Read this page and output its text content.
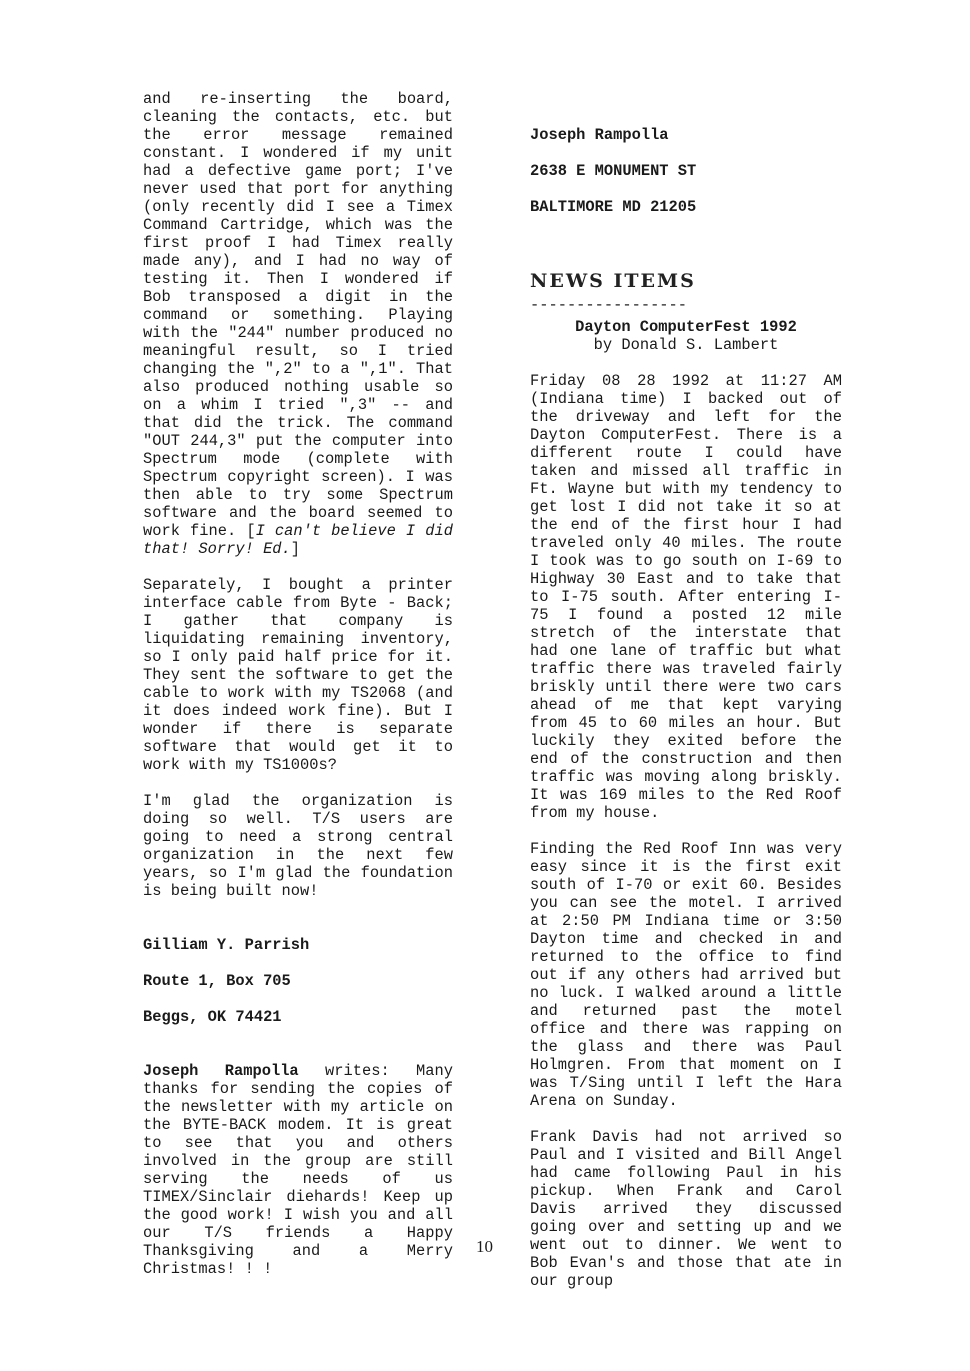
and re-inserting the board, cleaning the contacts, etc. but the error message remained constant. I wondered if my unit had a defective game port; I've never used that port for anything (only recently did I see a Timex Command Cartridge, which was the first proof I had Timex really made any), and I had no way of testing it. Then I wondered if Bob transposed a digit in the command or something. Playing with the "244" number produced no meaningful result, so I tried changing the ",2" to a ",1". That also produced nothing usable so on a whim I tried ",3" -- and that did the trick. The command "OUT 244,3" put the computer into Spectrum mode (complete with Spectrum copyright screen). I was then able to try some Spectrum software and the board seemed to work fine. [I can't believe I did that! Sorry! Ed.]

Separately, I bought a printer interface cable from Byte - Back; I gather that company is liquidating remaining inventory, so I only paid half price for it. They sent the software to get the cable to work with my TS2068 (and it does indeed work fine). But I wonder if there is separate software that would get it to work with my TS1000s?

I'm glad the organization is doing so well. T/S users are going to need a strong central organization in the next few years, so I'm glad the foundation is being built now!

Gilliam Y. Parrish

Route 1, Box 705

Beggs, OK 74421

Joseph Rampolla writes: Many thanks for sending the copies of the newsletter with my article on the BYTE-BACK modem. It is great to see that you and others involved in the group are still serving the needs of us TIMEX/Sinclair diehards! Keep up the good work! I wish you and all our T/S friends a Happy Thanksgiving and a Merry Christmas! ! !

Joseph Rampolla

2638 E MONUMENT ST

BALTIMORE MD 21205

NEWS ITEMS
-----------------

Dayton ComputerFest 1992

by Donald S. Lambert

Friday 08 28 1992 at 11:27 AM (Indiana time) I backed out of the driveway and left for the Dayton ComputerFest. There is a different route I could have taken and missed all traffic in Ft. Wayne but with my tendency to get lost I did not take it so at the end of the first hour I had traveled only 40 miles. The route I took was to go south on I-69 to Highway 30 East and to take that to I-75 south. After entering I-75 I found a posted 12 mile stretch of the interstate that had one lane of traffic but what traffic there was traveled fairly briskly until there were two cars ahead of me that kept varying from 45 to 60 miles an hour. But luckily they exited before the end of the construction and then traffic was moving along briskly. It was 169 miles to the Red Roof from my house.

Finding the Red Roof Inn was very easy since it is the first exit south of I-70 or exit 60. Besides you can see the motel. I arrived at 2:50 PM Indiana time or 3:50 Dayton time and checked in and returned to the office to find out if any others had arrived but no luck. I walked around a little and returned past the motel office and there was rapping on the glass and there was Paul Holmgren. From that moment on I was T/Sing until I left the Hara Arena on Sunday.

Frank Davis had not arrived so Paul and I visited and Bill Angel had came following Paul in his pickup. When Frank and Carol Davis arrived they discussed going over and setting up and we went out to dinner. We went to Bob Evan's and those that ate in our group

10
